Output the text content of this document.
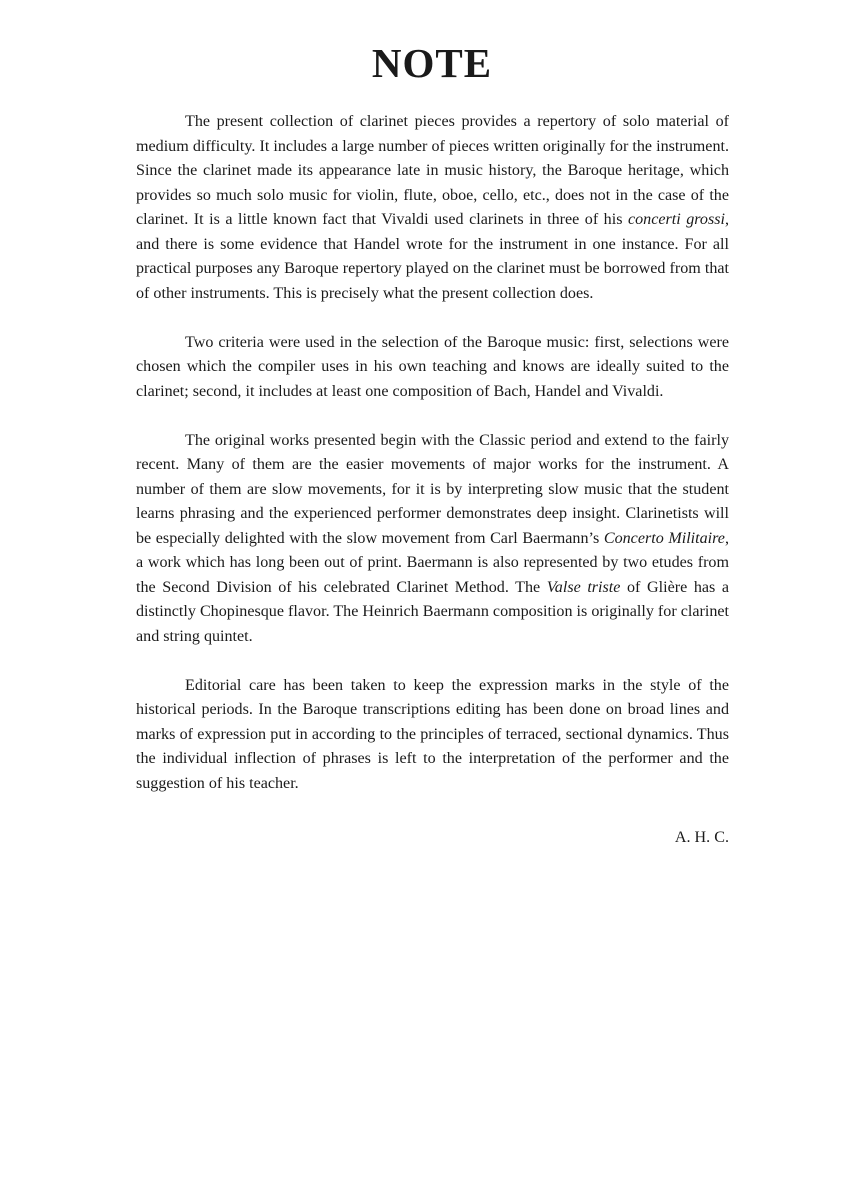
NOTE

The present collection of clarinet pieces provides a repertory of solo material of medium difficulty. It includes a large number of pieces written originally for the instrument. Since the clarinet made its appearance late in music history, the Baroque heritage, which provides so much solo music for violin, flute, oboe, cello, etc., does not in the case of the clarinet. It is a little known fact that Vivaldi used clarinets in three of his concerti grossi, and there is some evidence that Handel wrote for the instrument in one instance. For all practical purposes any Baroque repertory played on the clarinet must be borrowed from that of other instruments. This is precisely what the present collection does.

Two criteria were used in the selection of the Baroque music: first, selections were chosen which the compiler uses in his own teaching and knows are ideally suited to the clarinet; second, it includes at least one composition of Bach, Handel and Vivaldi.

The original works presented begin with the Classic period and extend to the fairly recent. Many of them are the easier movements of major works for the instrument. A number of them are slow movements, for it is by interpreting slow music that the student learns phrasing and the experienced performer demonstrates deep insight. Clarinetists will be especially delighted with the slow movement from Carl Baermann’s Concerto Militaire, a work which has long been out of print. Baermann is also represented by two etudes from the Second Division of his celebrated Clarinet Method. The Valse triste of Glière has a distinctly Chopinesque flavor. The Heinrich Baermann composition is originally for clarinet and string quintet.

Editorial care has been taken to keep the expression marks in the style of the historical periods. In the Baroque transcriptions editing has been done on broad lines and marks of expression put in according to the principles of terraced, sectional dynamics. Thus the individual inflection of phrases is left to the interpretation of the performer and the suggestion of his teacher.

A. H. C.
